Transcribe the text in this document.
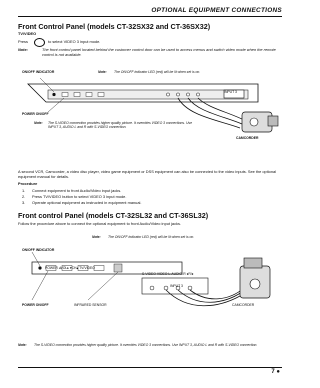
OPTIONAL EQUIPMENT CONNECTIONS
Front Control Panel (models CT-32SX32 and CT-36SX32)
TV/VIDEO
Press	to select VIDEO 3 input mode.
Note:	The front control panel located behind the customer control door can be used to access menus and switch video mode when the remote control is not available.
ON/OFF INDICATOR	Note: The ON/OFF indicator LED (red) will be lit when set is on.
INPUT 3
CAMCORDER
POWER ON/OFF
Note: The S-VIDEO connection provides higher quality picture. It overrides VIDEO 3 connections. Use INPUT 3, AUDIO L and R with S-VIDEO connection.
A second VCR, Camcorder, a video disc player, video game equipment or DSS equipment can also be connected to the video inputs. See the optional equipment manual for details.
Procedure
1. Connect equipment to front Audio/Video input jacks.
2. Press TV/VIDEO button to select VIDEO 3 input mode.
3. Operate optional equipment as instructed in equipment manual.
Front control Panel (models CT-32SL32 and CT-36SL32)
Follow the procedure above to connect the optional equipment to front Audio/Video input jacks.
Note: The ON/OFF indicator LED (red) will be lit when set is on.
ON/OFF INDICATOR
POWER ◂VOL▸ ▾CH▴ TV/VIDEO
S-VIDEO VIDEO L-AUDIO-R ♦R/♦
INPUT 3
POWER ON/OFF	INFRARED SENSOR	CAMCORDER
Note: The S-VIDEO connection provides higher quality picture. It overrides VIDEO 3 connections. Use INPUT 3, AUDIO L and R with S-VIDEO connection.
7 ●
